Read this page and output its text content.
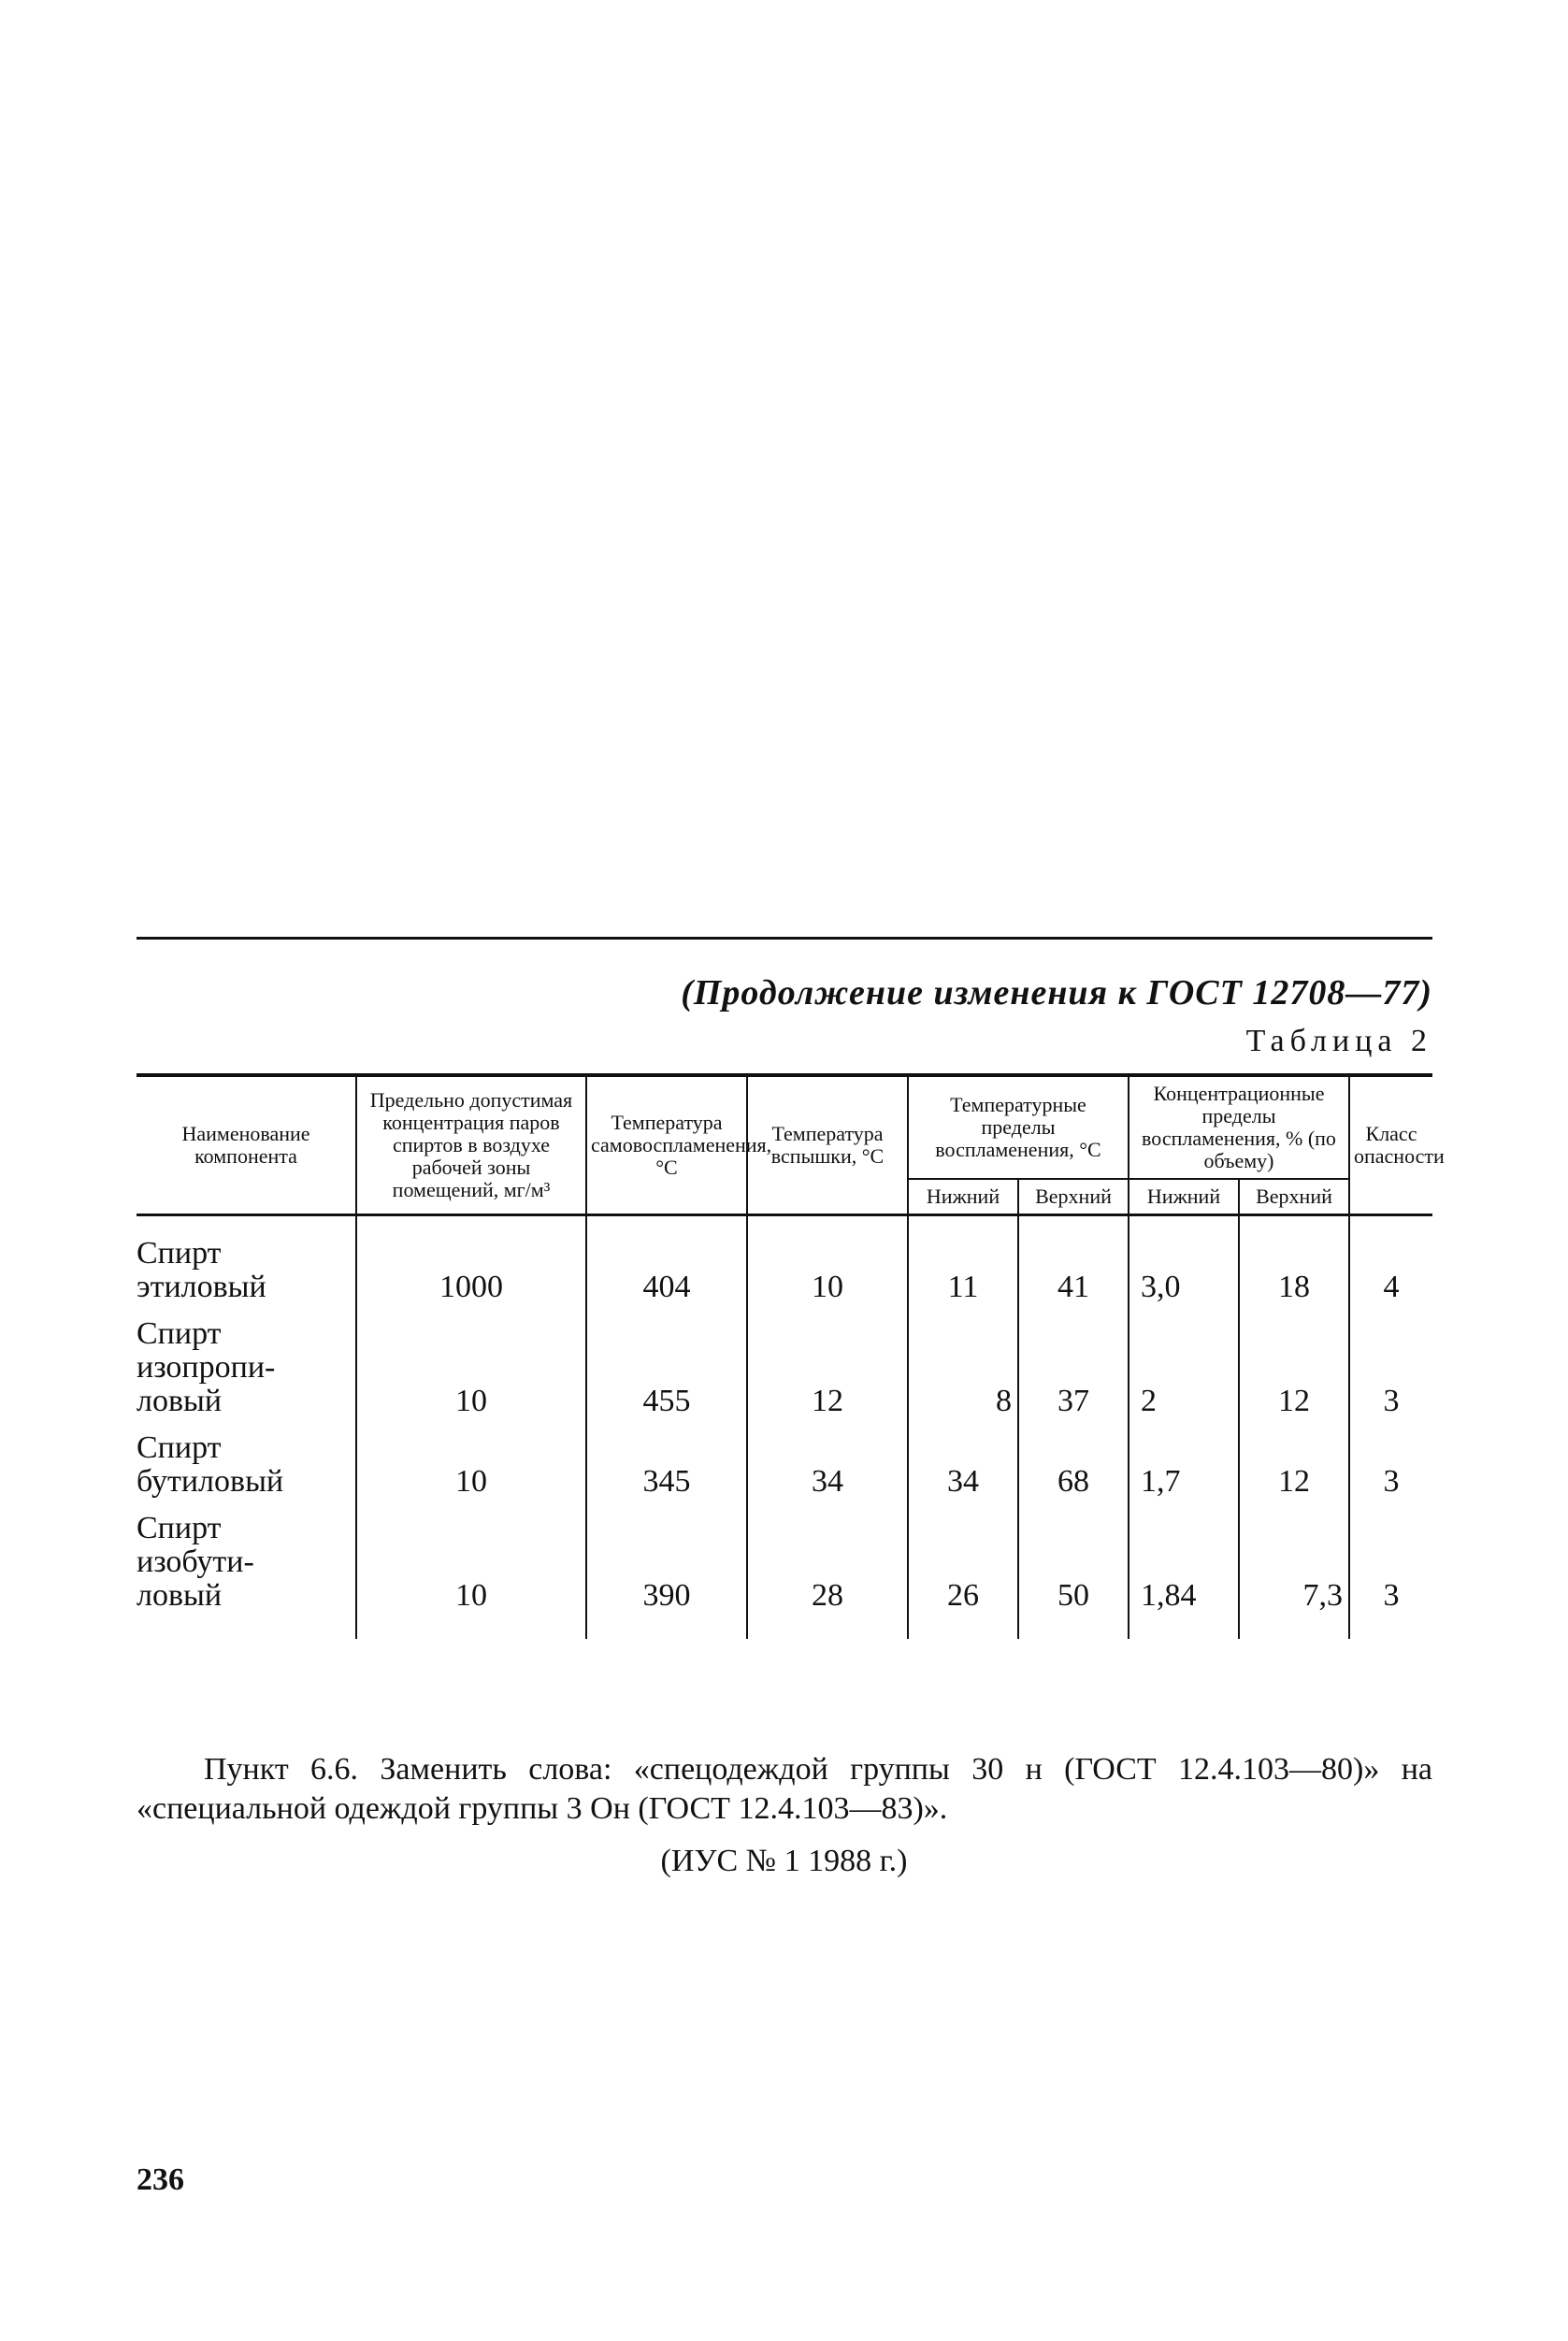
(Продолжение изменения к ГОСТ 12708—77)
Таблица 2
Наименование компонента	Предельно допустимая концентрация паров спиртов в воздухе рабочей зоны помещений, мг/м³	Температура самовоспламенения, °С	Температура вспышки, °С	Температурные пределы воспламенения, °С		Концентрационные пределы воспламенения, % (по объему)		Класс опасности
				Нижний	Верхний	Нижний	Верхний	

Спирт
этиловый	1000	404	10	11	41	3,0	18	4

Спирт
изопропи-
ловый	10	455	12	8	37	2	12	3

Спирт
бутиловый	10	345	34	34	68	1,7	12	3

Спирт
изобути-
ловый	10	390	28	26	50	1,84	7,3	3
Пункт 6.6. Заменить слова: «спецодеждой группы 30 н (ГОСТ 12.4.103—80)» на «специальной одеждой группы 3 Он (ГОСТ 12.4.103—83)».
(ИУС № 1 1988 г.)
236
